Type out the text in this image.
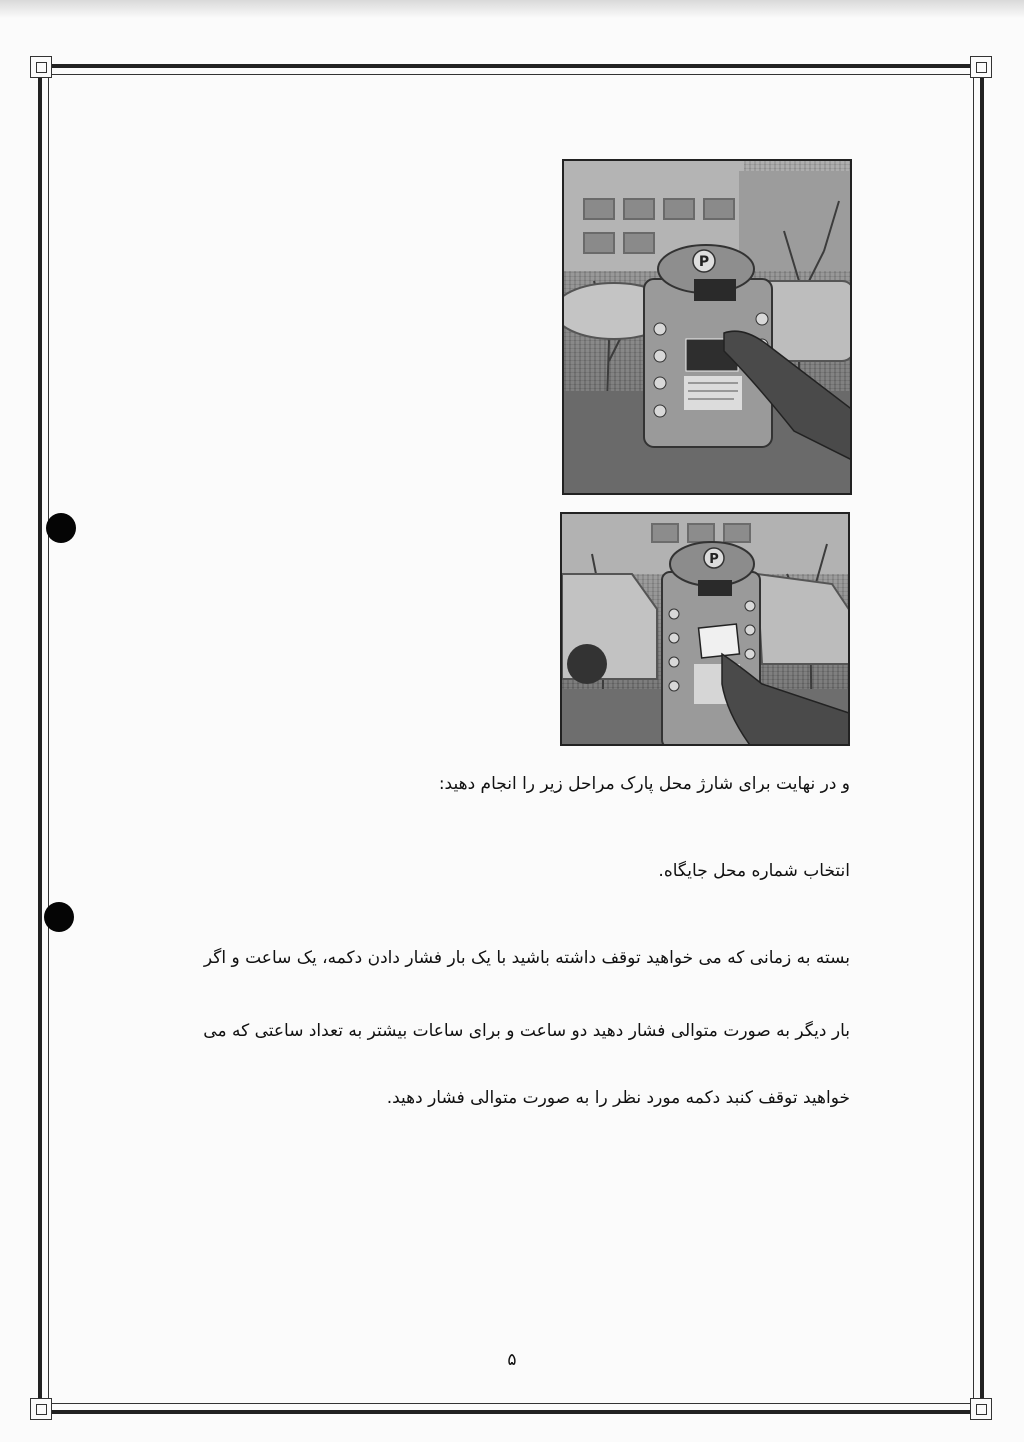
P
P
و در نهایت برای شارژ محل پارک مراحل زیر را انجام دهید:
انتخاب شماره محل جایگاه.
بسته به زمانی که می خواهید توقف داشته باشید با یک بار فشار دادن دکمه، یک ساعت و اگر
بار دیگر به صورت متوالی فشار دهید دو ساعت و برای ساعات بیشتر به تعداد ساعتی که می
خواهید توقف کنبد دکمه مورد نظر را به صورت متوالی فشار دهید.
۵
